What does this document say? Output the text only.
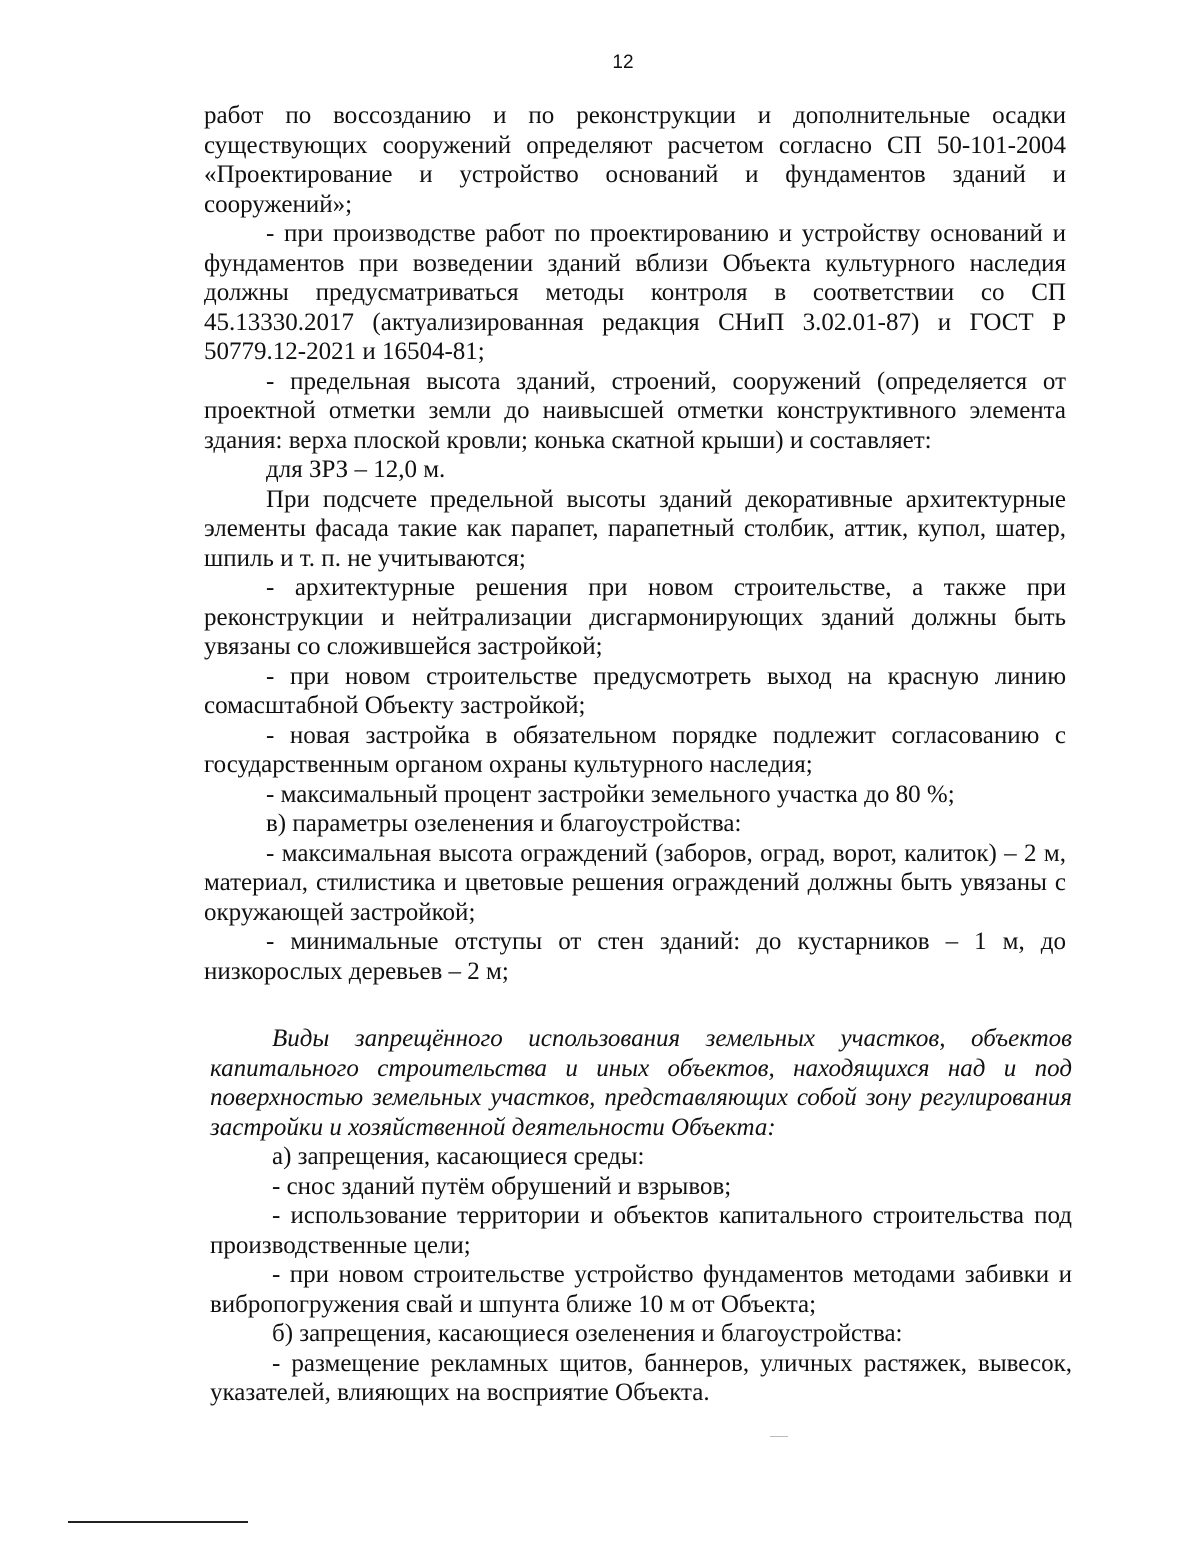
12

работ по воссозданию и по реконструкции и дополнительные осадки существующих сооружений определяют расчетом согласно СП 50-101-2004 «Проектирование и устройство оснований и фундаментов зданий и сооружений»;

- при производстве работ по проектированию и устройству оснований и фундаментов при возведении зданий вблизи Объекта культурного наследия должны предусматриваться методы контроля в соответствии со СП 45.13330.2017 (актуализированная редакция СНиП 3.02.01-87) и ГОСТ Р 50779.12-2021 и 16504-81;

- предельная высота зданий, строений, сооружений (определяется от проектной отметки земли до наивысшей отметки конструктивного элемента здания: верха плоской кровли; конька скатной крыши) и составляет:

для ЗРЗ – 12,0 м.

При подсчете предельной высоты зданий декоративные архитектурные элементы фасада такие как парапет, парапетный столбик, аттик, купол, шатер, шпиль и т. п. не учитываются;

- архитектурные решения при новом строительстве, а также при реконструкции и нейтрализации дисгармонирующих зданий должны быть увязаны со сложившейся застройкой;

- при новом строительстве предусмотреть выход на красную линию сомасштабной Объекту застройкой;

- новая застройка в обязательном порядке подлежит согласованию с государственным органом охраны культурного наследия;

- максимальный процент застройки земельного участка до 80 %;

в) параметры озеленения и благоустройства:

- максимальная высота ограждений (заборов, оград, ворот, калиток) – 2 м, материал, стилистика и цветовые решения ограждений должны быть увязаны с окружающей застройкой;

- минимальные отступы от стен зданий: до кустарников – 1 м, до низкорослых деревьев – 2 м;

Виды запрещённого использования земельных участков, объектов капитального строительства и иных объектов, находящихся над и под поверхностью земельных участков, представляющих собой зону регулирования застройки и хозяйственной деятельности Объекта:

а) запрещения, касающиеся среды:

- снос зданий путём обрушений и взрывов;

- использование территории и объектов капитального строительства под производственные цели;

- при новом строительстве устройство фундаментов методами забивки и вибропогружения свай и шпунта ближе 10 м от Объекта;

б) запрещения, касающиеся озеленения и благоустройства:

- размещение рекламных щитов, баннеров, уличных растяжек, вывесок, указателей, влияющих на восприятие Объекта.
